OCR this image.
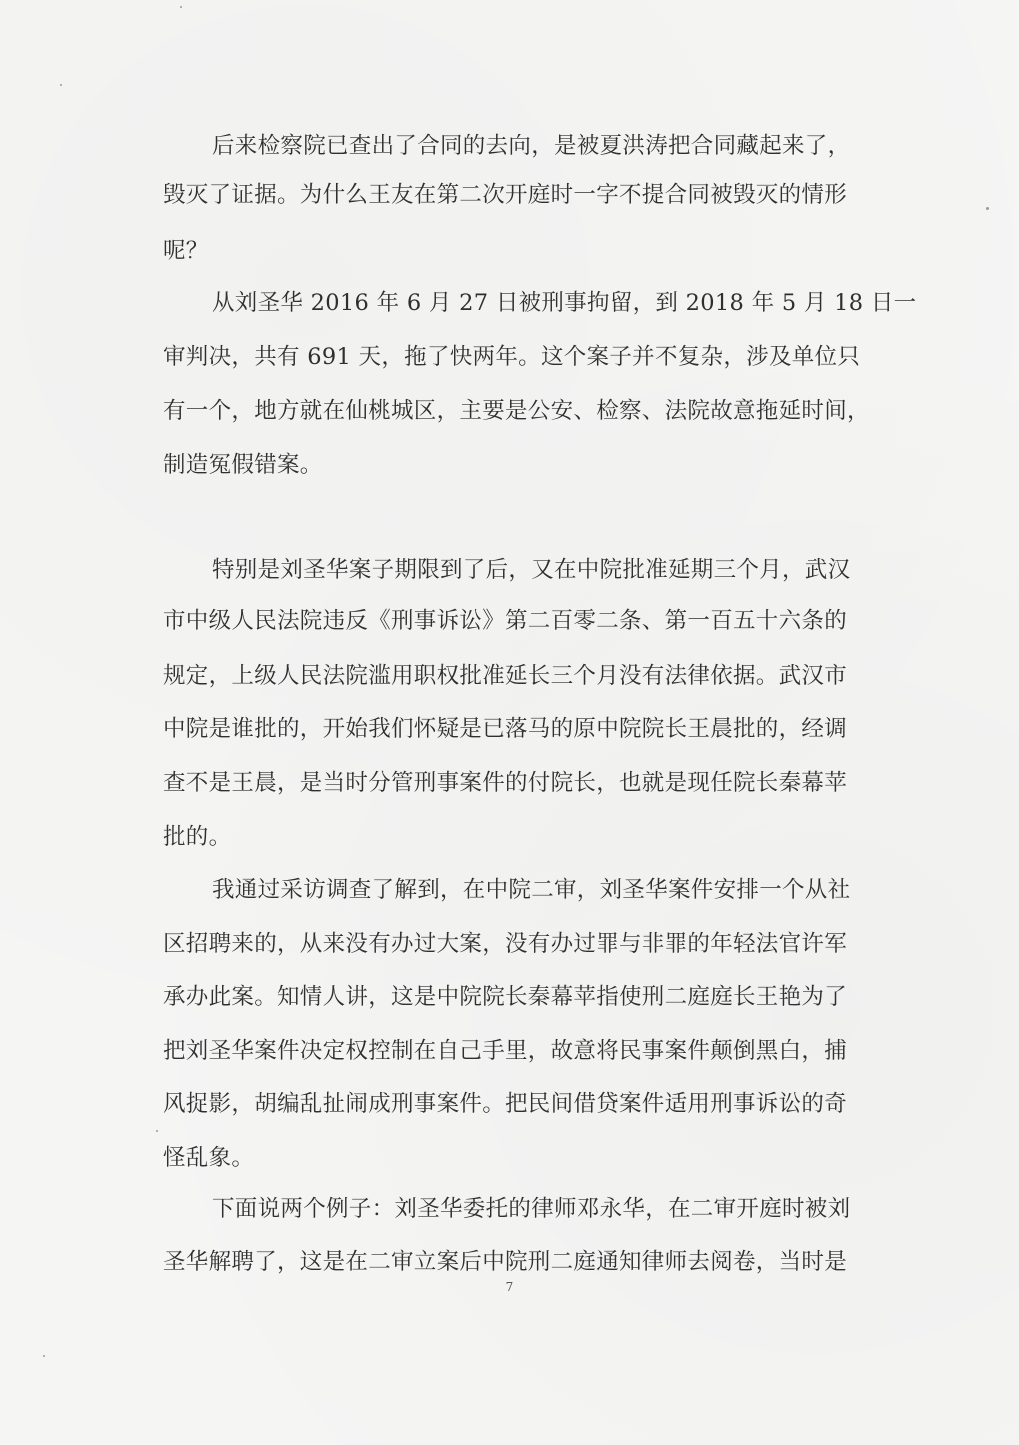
后来检察院已查出了合同的去向，是被夏洪涛把合同藏起来了，
毁灭了证据。为什么王友在第二次开庭时一字不提合同被毁灭的情形
呢？
从刘圣华 2016 年 6 月 27 日被刑事拘留，到 2018 年 5 月 18 日一
审判决，共有 691 天，拖了快两年。这个案子并不复杂，涉及单位只
有一个，地方就在仙桃城区，主要是公安、检察、法院故意拖延时间，
制造冤假错案。
特别是刘圣华案子期限到了后，又在中院批准延期三个月，武汉
市中级人民法院违反《刑事诉讼》第二百零二条、第一百五十六条的
规定，上级人民法院滥用职权批准延长三个月没有法律依据。武汉市
中院是谁批的，开始我们怀疑是已落马的原中院院长王晨批的，经调
查不是王晨，是当时分管刑事案件的付院长，也就是现任院长秦幕苹
批的。
我通过采访调查了解到，在中院二审，刘圣华案件安排一个从社
区招聘来的，从来没有办过大案，没有办过罪与非罪的年轻法官许军
承办此案。知情人讲，这是中院院长秦幕苹指使刑二庭庭长王艳为了
把刘圣华案件决定权控制在自己手里，故意将民事案件颠倒黑白，捕
风捉影，胡编乱扯闹成刑事案件。把民间借贷案件适用刑事诉讼的奇
怪乱象。
下面说两个例子：刘圣华委托的律师邓永华，在二审开庭时被刘
圣华解聘了，这是在二审立案后中院刑二庭通知律师去阅卷，当时是
7
